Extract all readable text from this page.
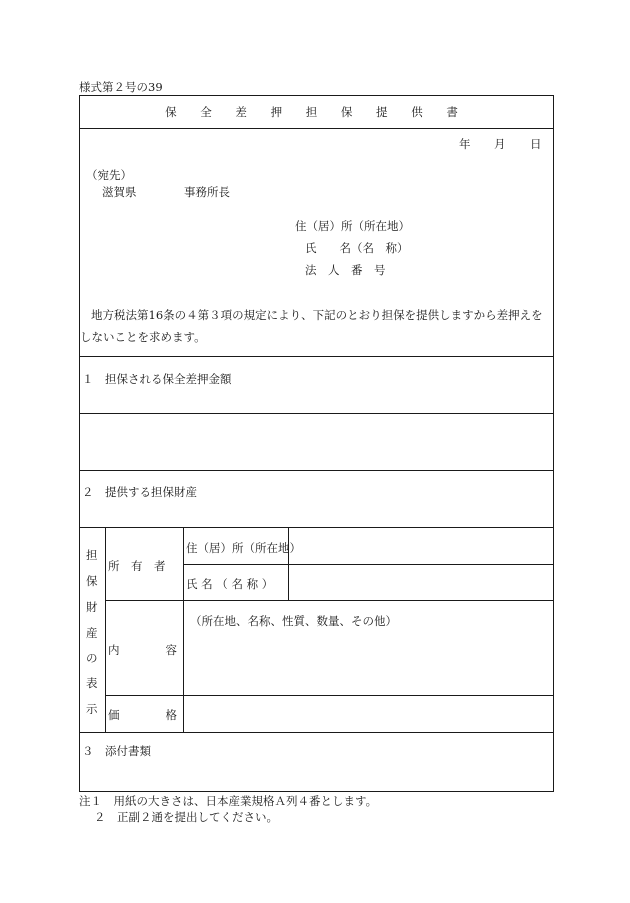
様式第２号の39
保 全 差 押 担 保 提 供 書
年 月 日
（宛先）
滋賀県	事務所長
住（居）所（所在地）
氏　　名（名　称）
法　人　番　号
地方税法第16条の４第３項の規定により、下記のとおり担保を提供しますから差押えを
しないことを求めます。
１　担保される保全差押金額
２　提供する担保財産
担
保
財
産
の
表
示
所　有　者
住（居）所（所在地）
氏 名 （ 名 称 ）
内　　　　容
（所在地、名称、性質、数量、その他）
価　　　　格
３　添付書類
注１　用紙の大きさは、日本産業規格Ａ列４番とします。
２　正副２通を提出してください。
